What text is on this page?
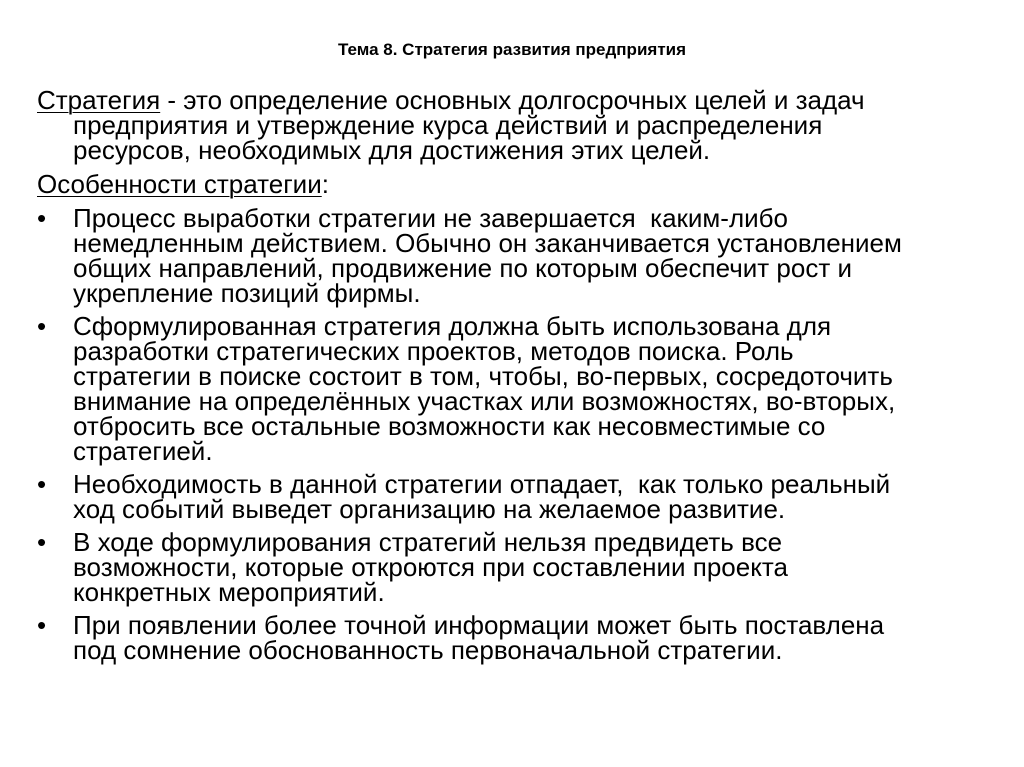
Тема 8. Стратегия развития предприятия
Стратегия - это определение основных долгосрочных целей и задач
предприятия и утверждение курса действий и распределения
ресурсов, необходимых для достижения этих целей.
Особенности стратегии:
•	Процесс выработки стратегии не завершается  каким-либо
немедленным действием. Обычно он заканчивается установлением
общих направлений, продвижение по которым обеспечит рост и
укрепление позиций фирмы.
•	Сформулированная стратегия должна быть использована для
разработки стратегических проектов, методов поиска. Роль
стратегии в поиске состоит в том, чтобы, во-первых, сосредоточить
внимание на определённых участках или возможностях, во-вторых,
отбросить все остальные возможности как несовместимые со
стратегией.
•	Необходимость в данной стратегии отпадает,  как только реальный
ход событий выведет организацию на желаемое развитие.
•	В ходе формулирования стратегий нельзя предвидеть все
возможности, которые откроются при составлении проекта
конкретных мероприятий.
•	При появлении более точной информации может быть поставлена
под сомнение обоснованность первоначальной стратегии.
